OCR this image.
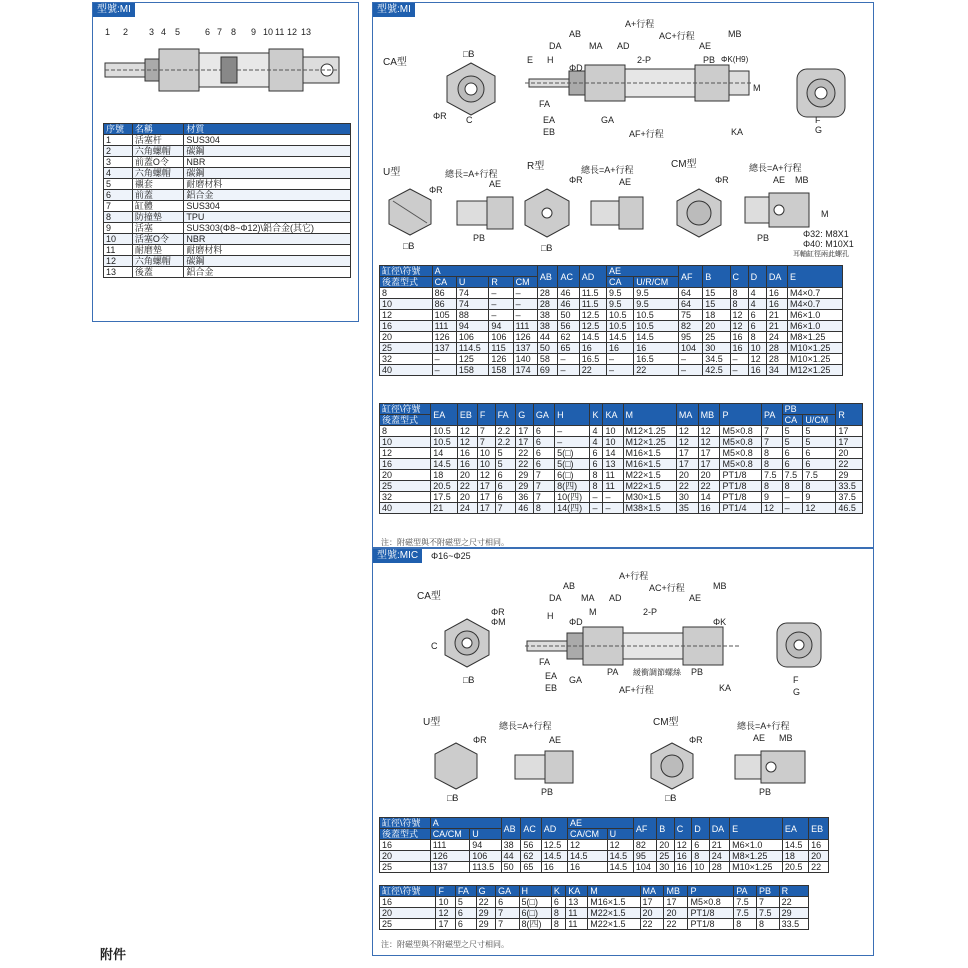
型號:MI
1 2 3 4 5	6 7 8 9 10 11 12 13
序號	名稱	材質
1	活塞杆	SUS304
2	六角螺帽	碳鋼
3	前蓋O令	NBR
4	六角螺帽	碳鋼
5	襯套	耐磨材料
6	前蓋	鋁合金
7	缸體	SUS304
8	防撞墊	TPU
9	活塞	SUS303(Φ8~Φ12)\鋁合金(其它)
10	活塞O令	NBR
11	耐磨墊	耐磨材料
12	六角螺帽	碳鋼
13	後蓋	鋁合金
型號:MI
CA型
ΦR C
□B
A+行程
AB	AC+行程
DA	MA AD
MB
AE
E H
ΦD
2-P	PB ΦK(H9)
M
FA
EA	GA
EB	AF+行程	KA
F
G
U型
ΦR
□B
總長=A+行程
AE
PB
R型
ΦR
□B
總長=A+行程
AE
CM型
ΦR
總長=A+行程
AE MB
M
PB	Φ32: M8X1
Φ40: M10X1
耳軸缸徑兩此螺孔
缸徑\符號	A				AB	AC	AD	AE		AF	B	C	D	DA	E
後蓋型式	CA	U	R	CM				CA	U/R/CM						
8	86	74	–	–	28	46	11.5	9.5	9.5	64	15	8	4	16	M4×0.7
10	86	74	–	–	28	46	11.5	9.5	9.5	64	15	8	4	16	M4×0.7
12	105	88	–	–	38	50	12.5	10.5	10.5	75	18	12	6	21	M6×1.0
16	111	94	94	111	38	56	12.5	10.5	10.5	82	20	12	6	21	M6×1.0
20	126	106	106	126	44	62	14.5	14.5	14.5	95	25	16	8	24	M8×1.25
25	137	114.5	115	137	50	65	16	16	16	104	30	16	10	28	M10×1.25
32	–	125	126	140	58	–	16.5	–	16.5	–	34.5	–	12	28	M10×1.25
40	–	158	158	174	69	–	22	–	22	–	42.5	–	16	34	M12×1.25
缸徑\符號	EA	EB	F	FA	G	GA	H	K	KA	M	MA	MB	P	PA	PB		R
後蓋型式															CA	U/CM	
8	10.5	12	7	2.2	17	6	–	4	10	M12×1.25	12	12	M5×0.8	7	5	5	17
10	10.5	12	7	2.2	17	6	–	4	10	M12×1.25	12	12	M5×0.8	7	5	5	17
12	14	16	10	5	22	6	5(□)	6	14	M16×1.5	17	17	M5×0.8	8	6	6	20
16	14.5	16	10	5	22	6	5(□)	6	13	M16×1.5	17	17	M5×0.8	8	6	6	22
20	18	20	12	6	29	7	6(□)	8	11	M22×1.5	20	20	PT1/8	7.5	7.5	7.5	29
25	20.5	22	17	6	29	7	8(四)	8	11	M22×1.5	22	22	PT1/8	8	8	8	33.5
32	17.5	20	17	6	36	7	10(四)	–	–	M30×1.5	30	14	PT1/8	9	–	9	37.5
40	21	24	17	7	46	8	14(四)	–	–	M38×1.5	35	16	PT1/4	12	–	12	46.5
注：附磁型與不附磁型之尺寸相同。
型號:MIC	Φ16~Φ25
CA型
ΦR
ΦM
C
□B
A+行程
AB	AC+行程	MB
DA MA AD	AE
H
ΦD
M	2-P
ΦK
FA
EA GA
PA	PB
緩衝調節螺絲
EB	AF+行程	KA
F
G
U型
ΦR
□B
總長=A+行程
AE
PB
CM型
ΦR
□B
總長=A+行程
AE MB
PB
缸徑\符號	A		AB	AC	AD	AE		AF	B	C	D	DA	E	EA	EB
後蓋型式	CA/CM	U				CA/CM	U								
16	111	94	38	56	12.5	12	12	82	20	12	6	21	M6×1.0	14.5	16
20	126	106	44	62	14.5	14.5	14.5	95	25	16	8	24	M8×1.25	18	20
25	137	113.5	50	65	16	16	14.5	104	30	16	10	28	M10×1.25	20.5	22
缸徑\符號	F	FA	G	GA	H	K	KA	M	MA	MB	P	PA	PB	R
16	10	5	22	6	5(□)	6	13	M16×1.5	17	17	M5×0.8	7.5	7	22
20	12	6	29	7	6(□)	8	11	M22×1.5	20	20	PT1/8	7.5	7.5	29
25	17	6	29	7	8(四)	8	11	M22×1.5	22	22	PT1/8	8	8	33.5
注：附磁型與不附磁型之尺寸相同。
附件
